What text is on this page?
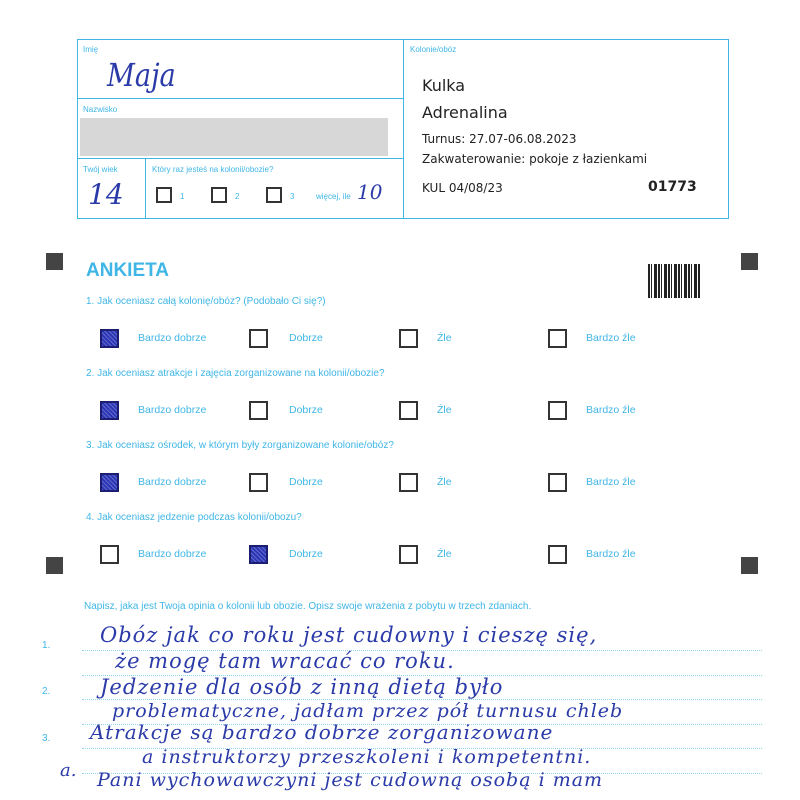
Imię
Maja
Nazwisko
Twój wiek
14
Który raz jesteś na kolonii/obozie?
1	2	3	więcej, ile 10
Kolonie/obóz
Kulka
Adrenalina
Turnus: 27.07-06.08.2023
Zakwaterowanie: pokoje z łazienkami
KUL 04/08/23	01773
ANKIETA
1. Jak oceniasz całą kolonię/obóz? (Podobało Ci się?)
Bardzo dobrze	Dobrze	Źle	Bardzo źle
2. Jak oceniasz atrakcje i zajęcia zorganizowane na kolonii/obozie?
Bardzo dobrze	Dobrze	Źle	Bardzo źle
3. Jak oceniasz ośrodek, w którym były zorganizowane kolonie/obóz?
Bardzo dobrze	Dobrze	Źle	Bardzo źle
4. Jak oceniasz jedzenie podczas kolonii/obozu?
Bardzo dobrze	Dobrze	Źle	Bardzo źle
Napisz, jaka jest Twoja opinia o kolonii lub obozie. Opisz swoje wrażenia z pobytu w trzech zdaniach.
1.
2.
3.
a.
Obóz jak co roku jest cudowny i cieszę się,
że mogę tam wracać co roku.
Jedzenie dla osób z inną dietą było
problematyczne, jadłam przez pół turnusu chleb
Atrakcje są bardzo dobrze zorganizowane
a instruktorzy przeszkoleni i kompetentni.
Pani wychowawczyni jest cudowną osobą i mam
